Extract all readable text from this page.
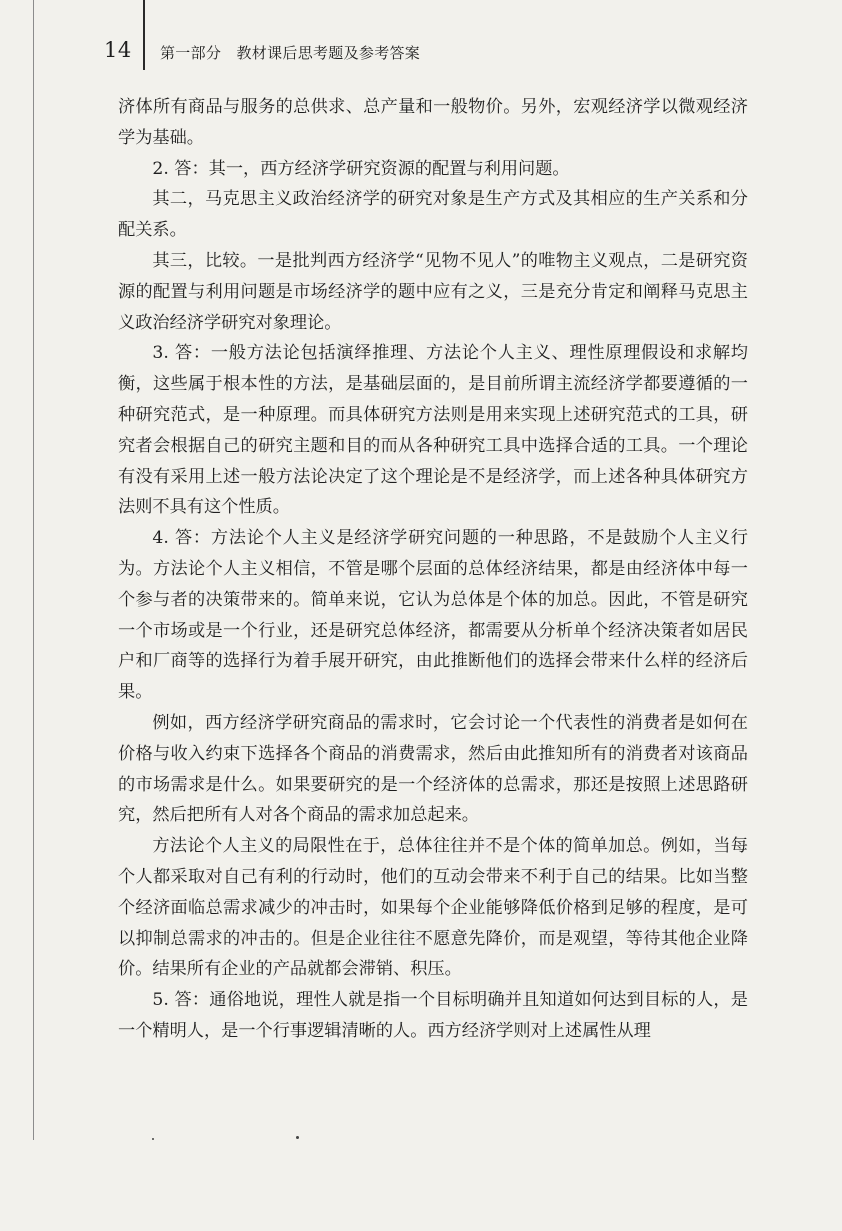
14 第一部分　教材课后思考题及参考答案

济体所有商品与服务的总供求、总产量和一般物价。另外，宏观经济学以微观经济学为基础。

2. 答：其一，西方经济学研究资源的配置与利用问题。

其二，马克思主义政治经济学的研究对象是生产方式及其相应的生产关系和分配关系。

其三，比较。一是批判西方经济学“见物不见人”的唯物主义观点，二是研究资源的配置与利用问题是市场经济学的题中应有之义，三是充分肯定和阐释马克思主义政治经济学研究对象理论。

3. 答：一般方法论包括演绎推理、方法论个人主义、理性原理假设和求解均衡，这些属于根本性的方法，是基础层面的，是目前所谓主流经济学都要遵循的一种研究范式，是一种原理。而具体研究方法则是用来实现上述研究范式的工具，研究者会根据自己的研究主题和目的而从各种研究工具中选择合适的工具。一个理论有没有采用上述一般方法论决定了这个理论是不是经济学，而上述各种具体研究方法则不具有这个性质。

4. 答：方法论个人主义是经济学研究问题的一种思路，不是鼓励个人主义行为。方法论个人主义相信，不管是哪个层面的总体经济结果，都是由经济体中每一个参与者的决策带来的。简单来说，它认为总体是个体的加总。因此，不管是研究一个市场或是一个行业，还是研究总体经济，都需要从分析单个经济决策者如居民户和厂商等的选择行为着手展开研究，由此推断他们的选择会带来什么样的经济后果。

例如，西方经济学研究商品的需求时，它会讨论一个代表性的消费者是如何在价格与收入约束下选择各个商品的消费需求，然后由此推知所有的消费者对该商品的市场需求是什么。如果要研究的是一个经济体的总需求，那还是按照上述思路研究，然后把所有人对各个商品的需求加总起来。

方法论个人主义的局限性在于，总体往往并不是个体的简单加总。例如，当每个人都采取对自己有利的行动时，他们的互动会带来不利于自己的结果。比如当整个经济面临总需求减少的冲击时，如果每个企业能够降低价格到足够的程度，是可以抑制总需求的冲击的。但是企业往往不愿意先降价，而是观望，等待其他企业降价。结果所有企业的产品就都会滞销、积压。

5. 答：通俗地说，理性人就是指一个目标明确并且知道如何达到目标的人，是一个精明人，是一个行事逻辑清晰的人。西方经济学则对上述属性从理
